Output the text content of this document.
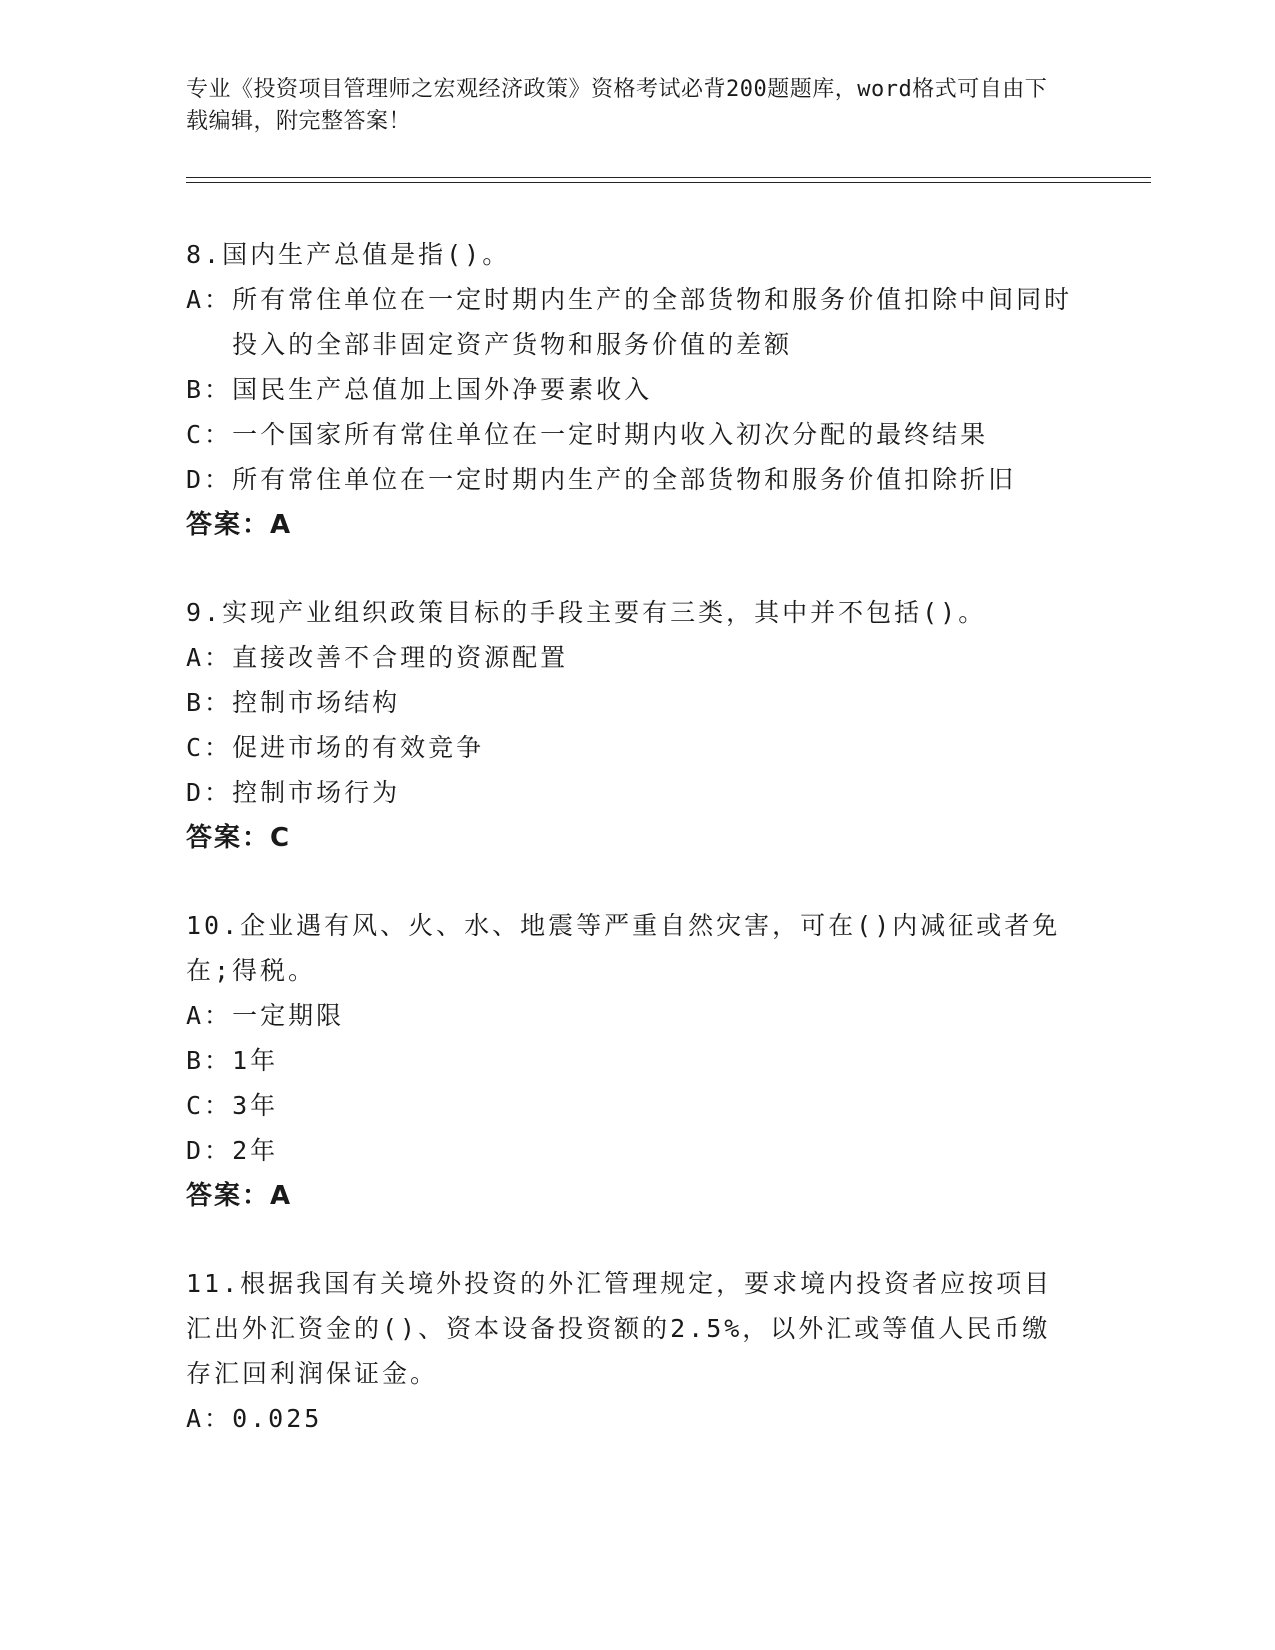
专业《投资项目管理师之宏观经济政策》资格考试必背200题题库，word格式可自由下载编辑，附完整答案！
8.国内生产总值是指()。
A： 所有常住单位在一定时期内生产的全部货物和服务价值扣除中间同时投入的全部非固定资产货物和服务价值的差额
B： 国民生产总值加上国外净要素收入
C： 一个国家所有常住单位在一定时期内收入初次分配的最终结果
D： 所有常住单位在一定时期内生产的全部货物和服务价值扣除折旧
答案：A
9.实现产业组织政策目标的手段主要有三类，其中并不包括()。
A： 直接改善不合理的资源配置
B： 控制市场结构
C： 促进市场的有效竞争
D： 控制市场行为
答案：C
10.企业遇有风、火、水、地震等严重自然灾害，可在()内减征或者免在;得税。
A： 一定期限
B： 1年
C： 3年
D： 2年
答案：A
11.根据我国有关境外投资的外汇管理规定，要求境内投资者应按项目汇出外汇资金的()、资本设备投资额的2.5%，以外汇或等值人民币缴存汇回利润保证金。
A： 0.025
